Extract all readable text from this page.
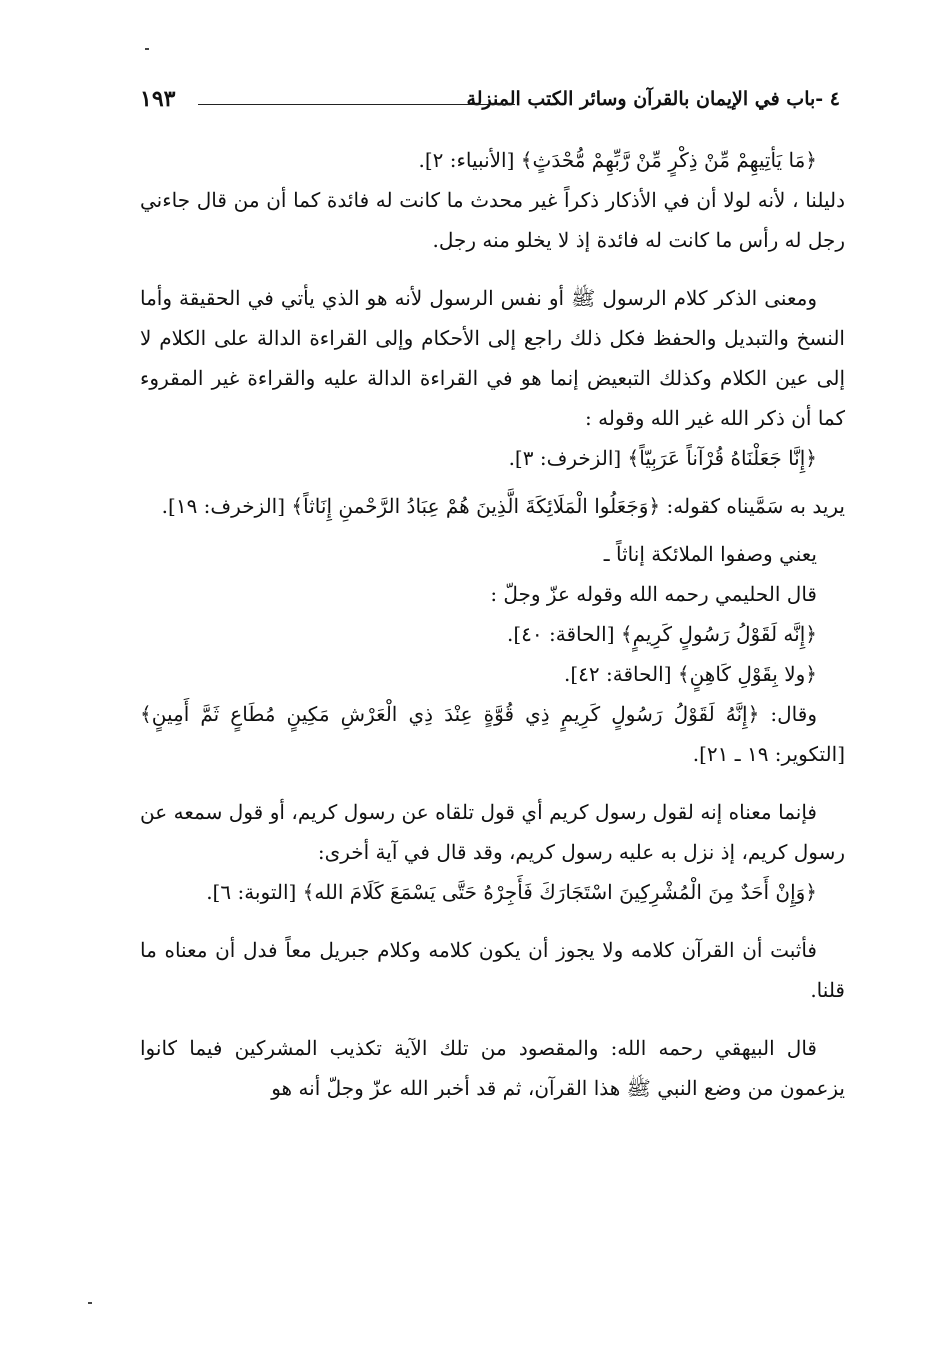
٤ -باب في الإيمان بالقرآن وسائر الكتب المنزلة
١٩٣

﴿مَا يَأتِيهِمْ مِّنْ ذِكْرٍ مِّنْ رَّبِّهِمْ مُّحْدَثٍ﴾ [الأنبياء: ٢].

دليلنا ، لأنه لولا أن في الأذكار ذكراً غير محدث ما كانت له فائدة كما أن من قال جاءني رجل له رأس ما كانت له فائدة إذ لا يخلو منه رجل.

ومعنى الذكر كلام الرسول ﷺ أو نفس الرسول لأنه هو الذي يأتي في الحقيقة وأما النسخ والتبديل والحفظ فكل ذلك راجع إلى الأحكام وإلى القراءة الدالة على الكلام لا إلى عين الكلام وكذلك التبعيض إنما هو في القراءة الدالة عليه والقراءة غير المقروء كما أن ذكر الله غير الله وقوله :

﴿إِنَّا جَعَلْنَاهُ قُرْآناً عَرَبِيّاً﴾ [الزخرف: ٣].

يريد به سَمَّيناه كقوله: ﴿وَجَعَلُوا الْمَلَائِكَةَ الَّذِينَ هُمْ عِبَادُ الرَّحْمنِ إِنَاثاً﴾ [الزخرف: ١٩].

يعني وصفوا الملائكة إناثاً ـ

قال الحليمي رحمه الله وقوله عزّ وجلّ :

﴿إِنَّه لَقَوْلُ رَسُولٍ كَرِيمٍ﴾ [الحاقة: ٤٠].

﴿ولا بِقَوْلِ كَاهِنٍ﴾ [الحاقة: ٤٢].

وقال: ﴿إِنَّهُ لَقَوْلُ رَسُولٍ كَرِيمٍ ذِي قُوَّةٍ عِنْدَ ذِي الْعَرْشِ مَكِينٍ مُطَاعٍ ثَمَّ أَمِينٍ﴾ [التكوير: ١٩ ـ ٢١].

فإنما معناه إنه لقول رسول كريم أي قول تلقاه عن رسول كريم، أو قول سمعه عن رسول كريم، إذ نزل به عليه رسول كريم، وقد قال في آية أخرى:

﴿وَإِنْ أَحَدٌ مِنَ الْمُشْرِكِينَ اسْتَجَارَكَ فَأَجِرْهُ حَتَّى يَسْمَعَ كَلَامَ الله﴾ [التوبة: ٦].

فأثبت أن القرآن كلامه ولا يجوز أن يكون كلامه وكلام جبريل معاً فدل أن معناه ما قلنا.

قال البيهقي رحمه الله: والمقصود من تلك الآية تكذيب المشركين فيما كانوا يزعمون من وضع النبي ﷺ هذا القرآن، ثم قد أخبر الله عزّ وجلّ أنه هو
